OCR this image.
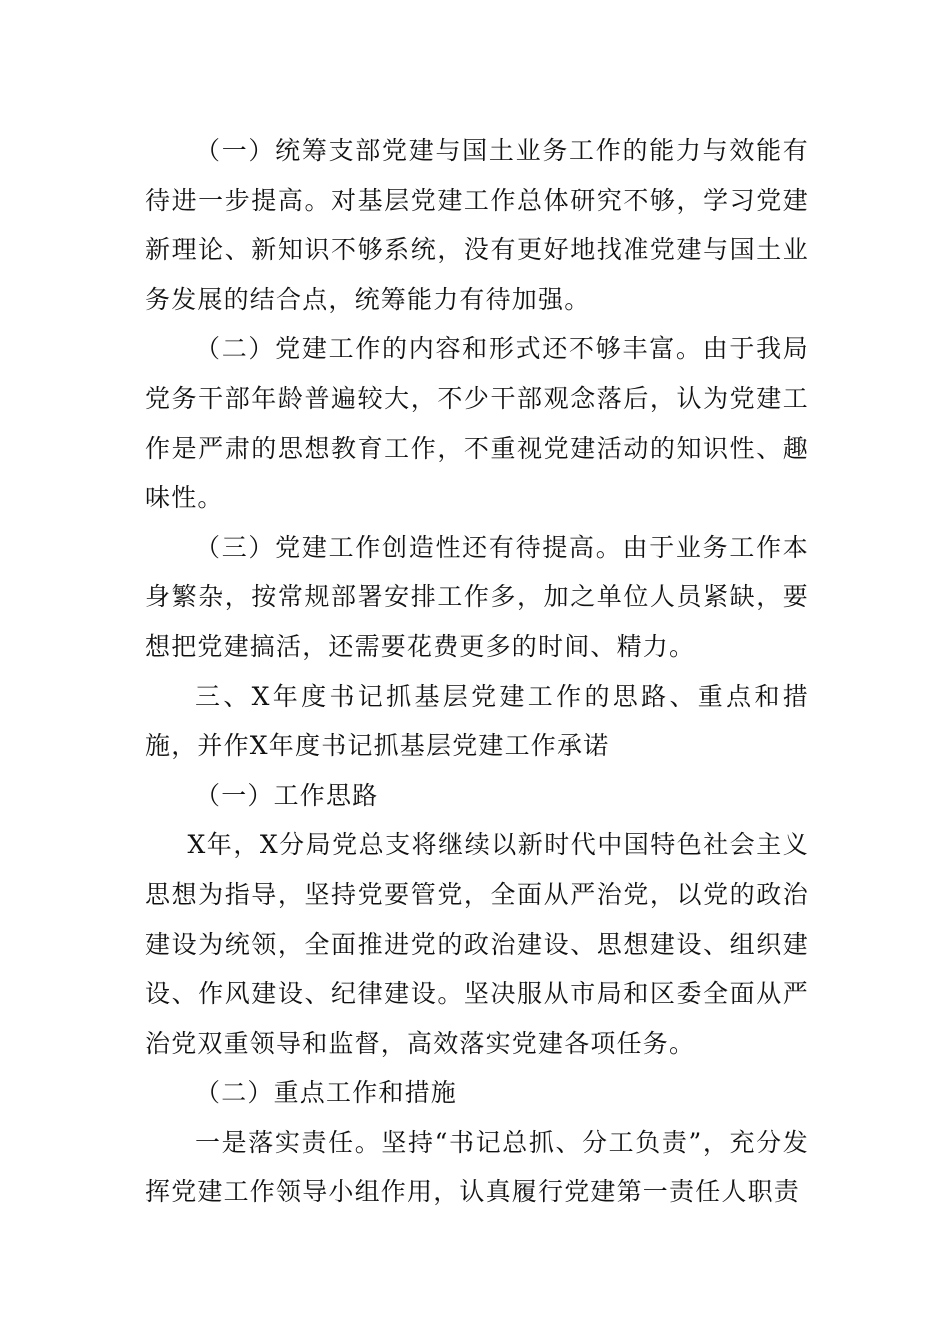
（一）统筹支部党建与国土业务工作的能力与效能有待进一步提高。对基层党建工作总体研究不够，学习党建新理论、新知识不够系统，没有更好地找准党建与国土业务发展的结合点，统筹能力有待加强。

（二）党建工作的内容和形式还不够丰富。由于我局党务干部年龄普遍较大，不少干部观念落后，认为党建工作是严肃的思想教育工作，不重视党建活动的知识性、趣味性。

（三）党建工作创造性还有待提高。由于业务工作本身繁杂，按常规部署安排工作多，加之单位人员紧缺，要想把党建搞活，还需要花费更多的时间、精力。

三、X年度书记抓基层党建工作的思路、重点和措施，并作X年度书记抓基层党建工作承诺

（一）工作思路

X年，X分局党总支将继续以新时代中国特色社会主义思想为指导，坚持党要管党，全面从严治党，以党的政治建设为统领，全面推进党的政治建设、思想建设、组织建设、作风建设、纪律建设。坚决服从市局和区委全面从严治党双重领导和监督，高效落实党建各项任务。

（二）重点工作和措施

一是落实责任。坚持“书记总抓、分工负责”，充分发挥党建工作领导小组作用，认真履行党建第一责任人职责
